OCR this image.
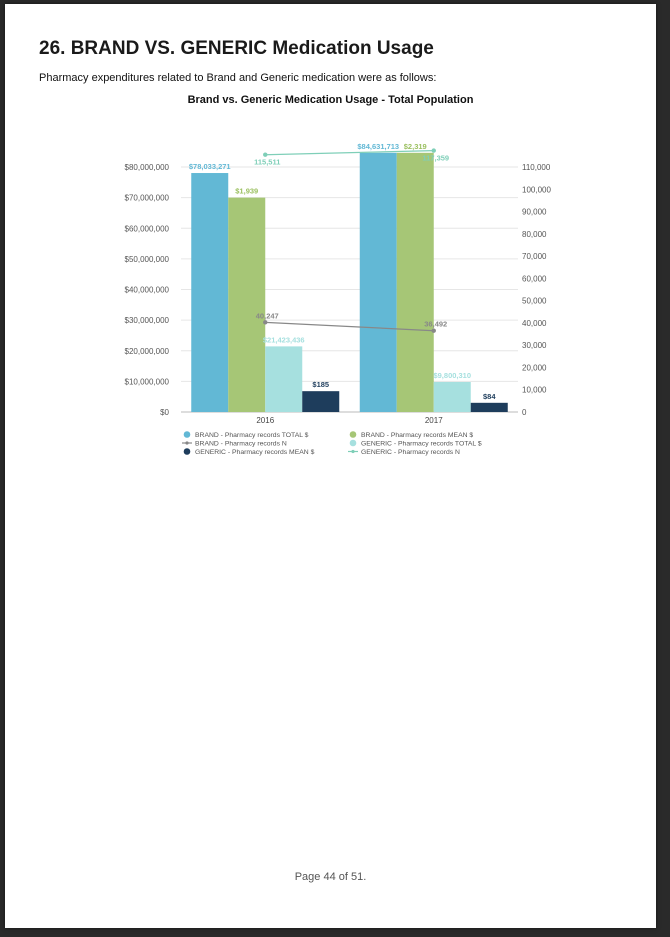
26. BRAND VS. GENERIC Medication Usage
Pharmacy expenditures related to Brand and Generic medication were as follows:
Brand vs. Generic Medication Usage - Total Population
$0
$10,000,000
$20,000,000
$30,000,000
$40,000,000
$50,000,000
$60,000,000
$70,000,000
$80,000,000
0
10,000
20,000
30,000
40,000
50,000
60,000
70,000
80,000
90,000
100,000
110,000
$78,033,271
$1,939
$21,423,436
$185
2016
$84,631,713 $2,319
$9,800,310
$84
2017
40,247
36,492
115,511	117,359
BRAND - Pharmacy records TOTAL $	BRAND - Pharmacy records MEAN $
BRAND - Pharmacy records N	GENERIC - Pharmacy records TOTAL $
GENERIC - Pharmacy records MEAN $	GENERIC - Pharmacy records N
Page 44 of 51.
